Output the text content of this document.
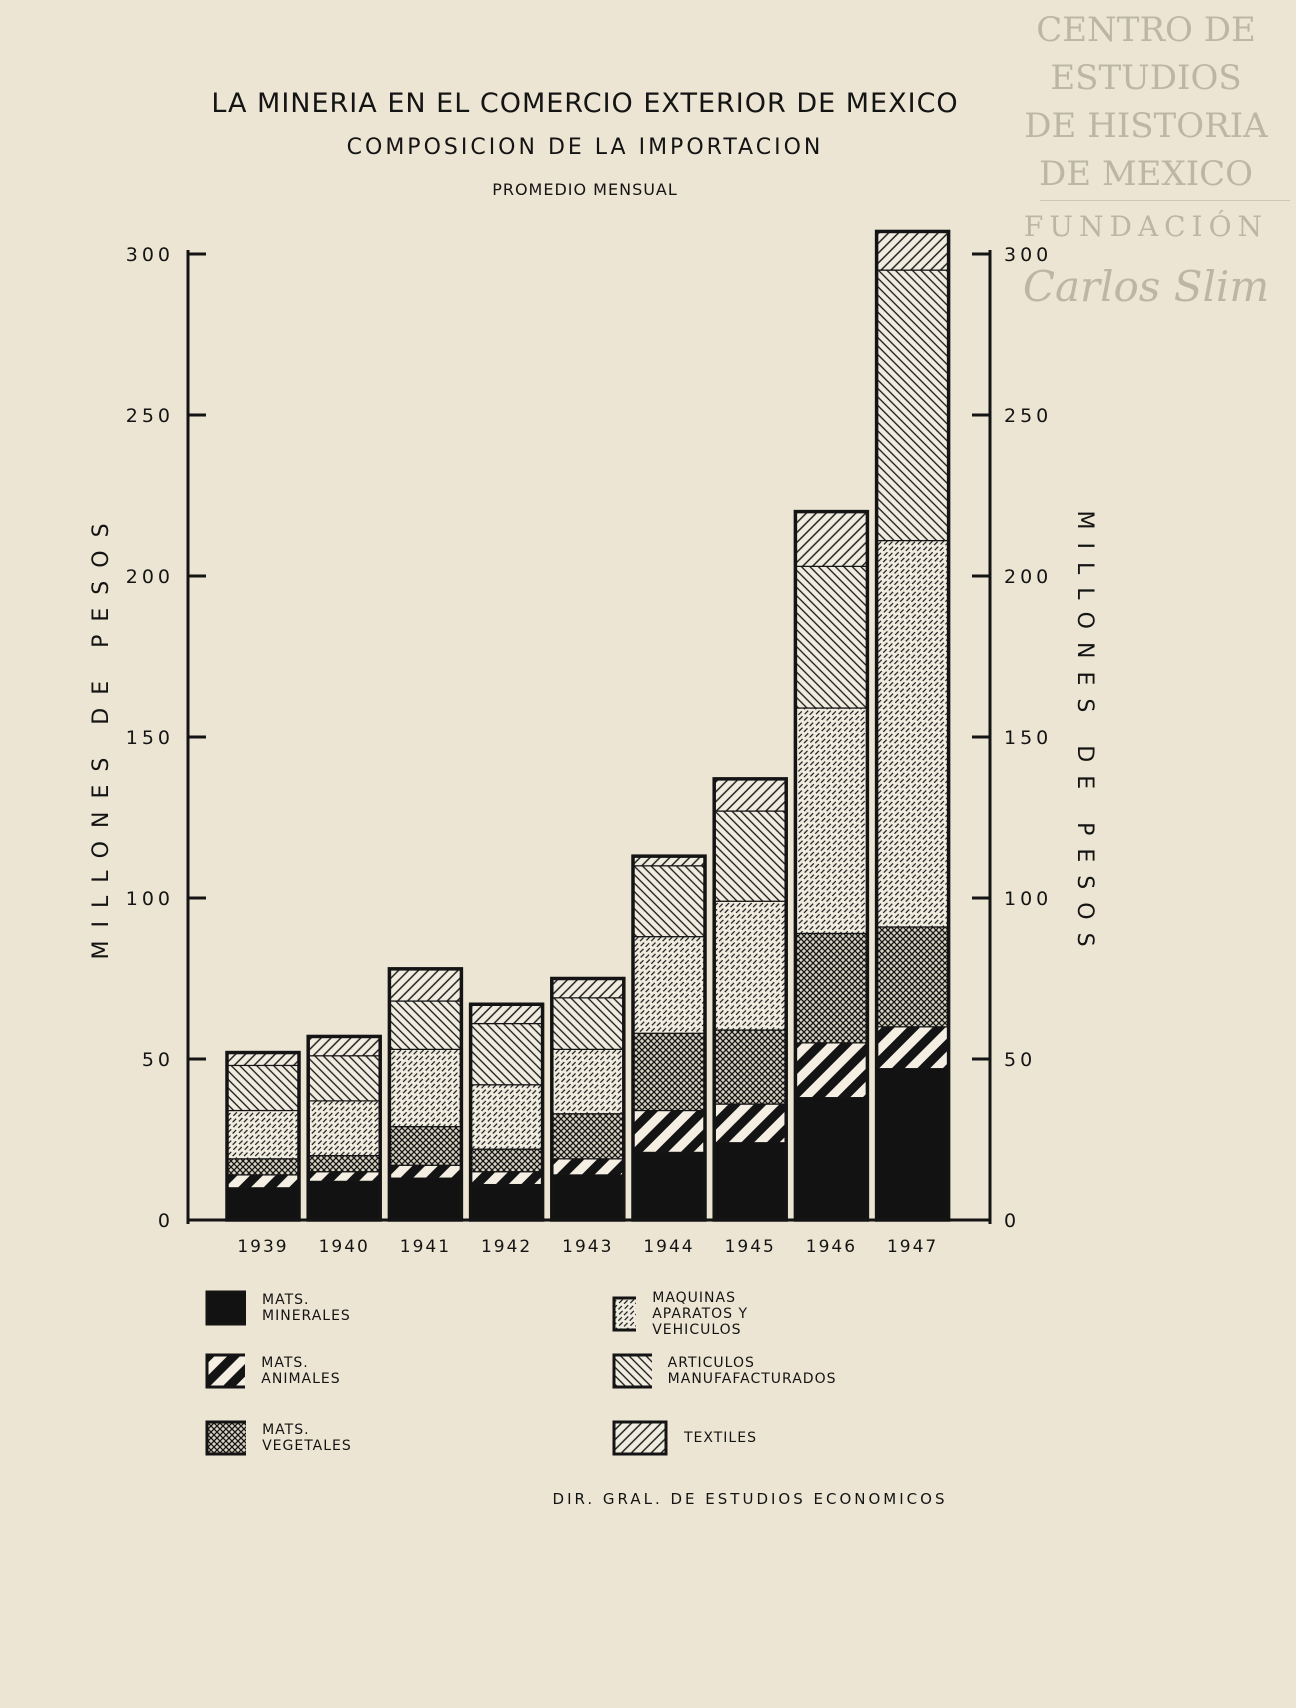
CENTRO DE
ESTUDIOS
DE HISTORIA
DE MEXICO
FUNDACIÓN
Carlos Slim
LA MINERIA EN EL COMERCIO EXTERIOR DE MEXICO
COMPOSICION DE LA IMPORTACION
PROMEDIO MENSUAL
1939 1940 1941 1942 1943 1944 1945 1946 1947
0	0
50	50
100	100
150	150
200	200
250	250
300	300
MILLONES DE PESOS	MILLONES DE PESOS
MATS. MINERALES
MATS. ANIMALES
MATS. VEGETALES
MAQUINAS APARATOS Y VEHICULOS
ARTICULOS MANUFAFACTURADOS
TEXTILES
DIR. GRAL. DE ESTUDIOS ECONOMICOS
